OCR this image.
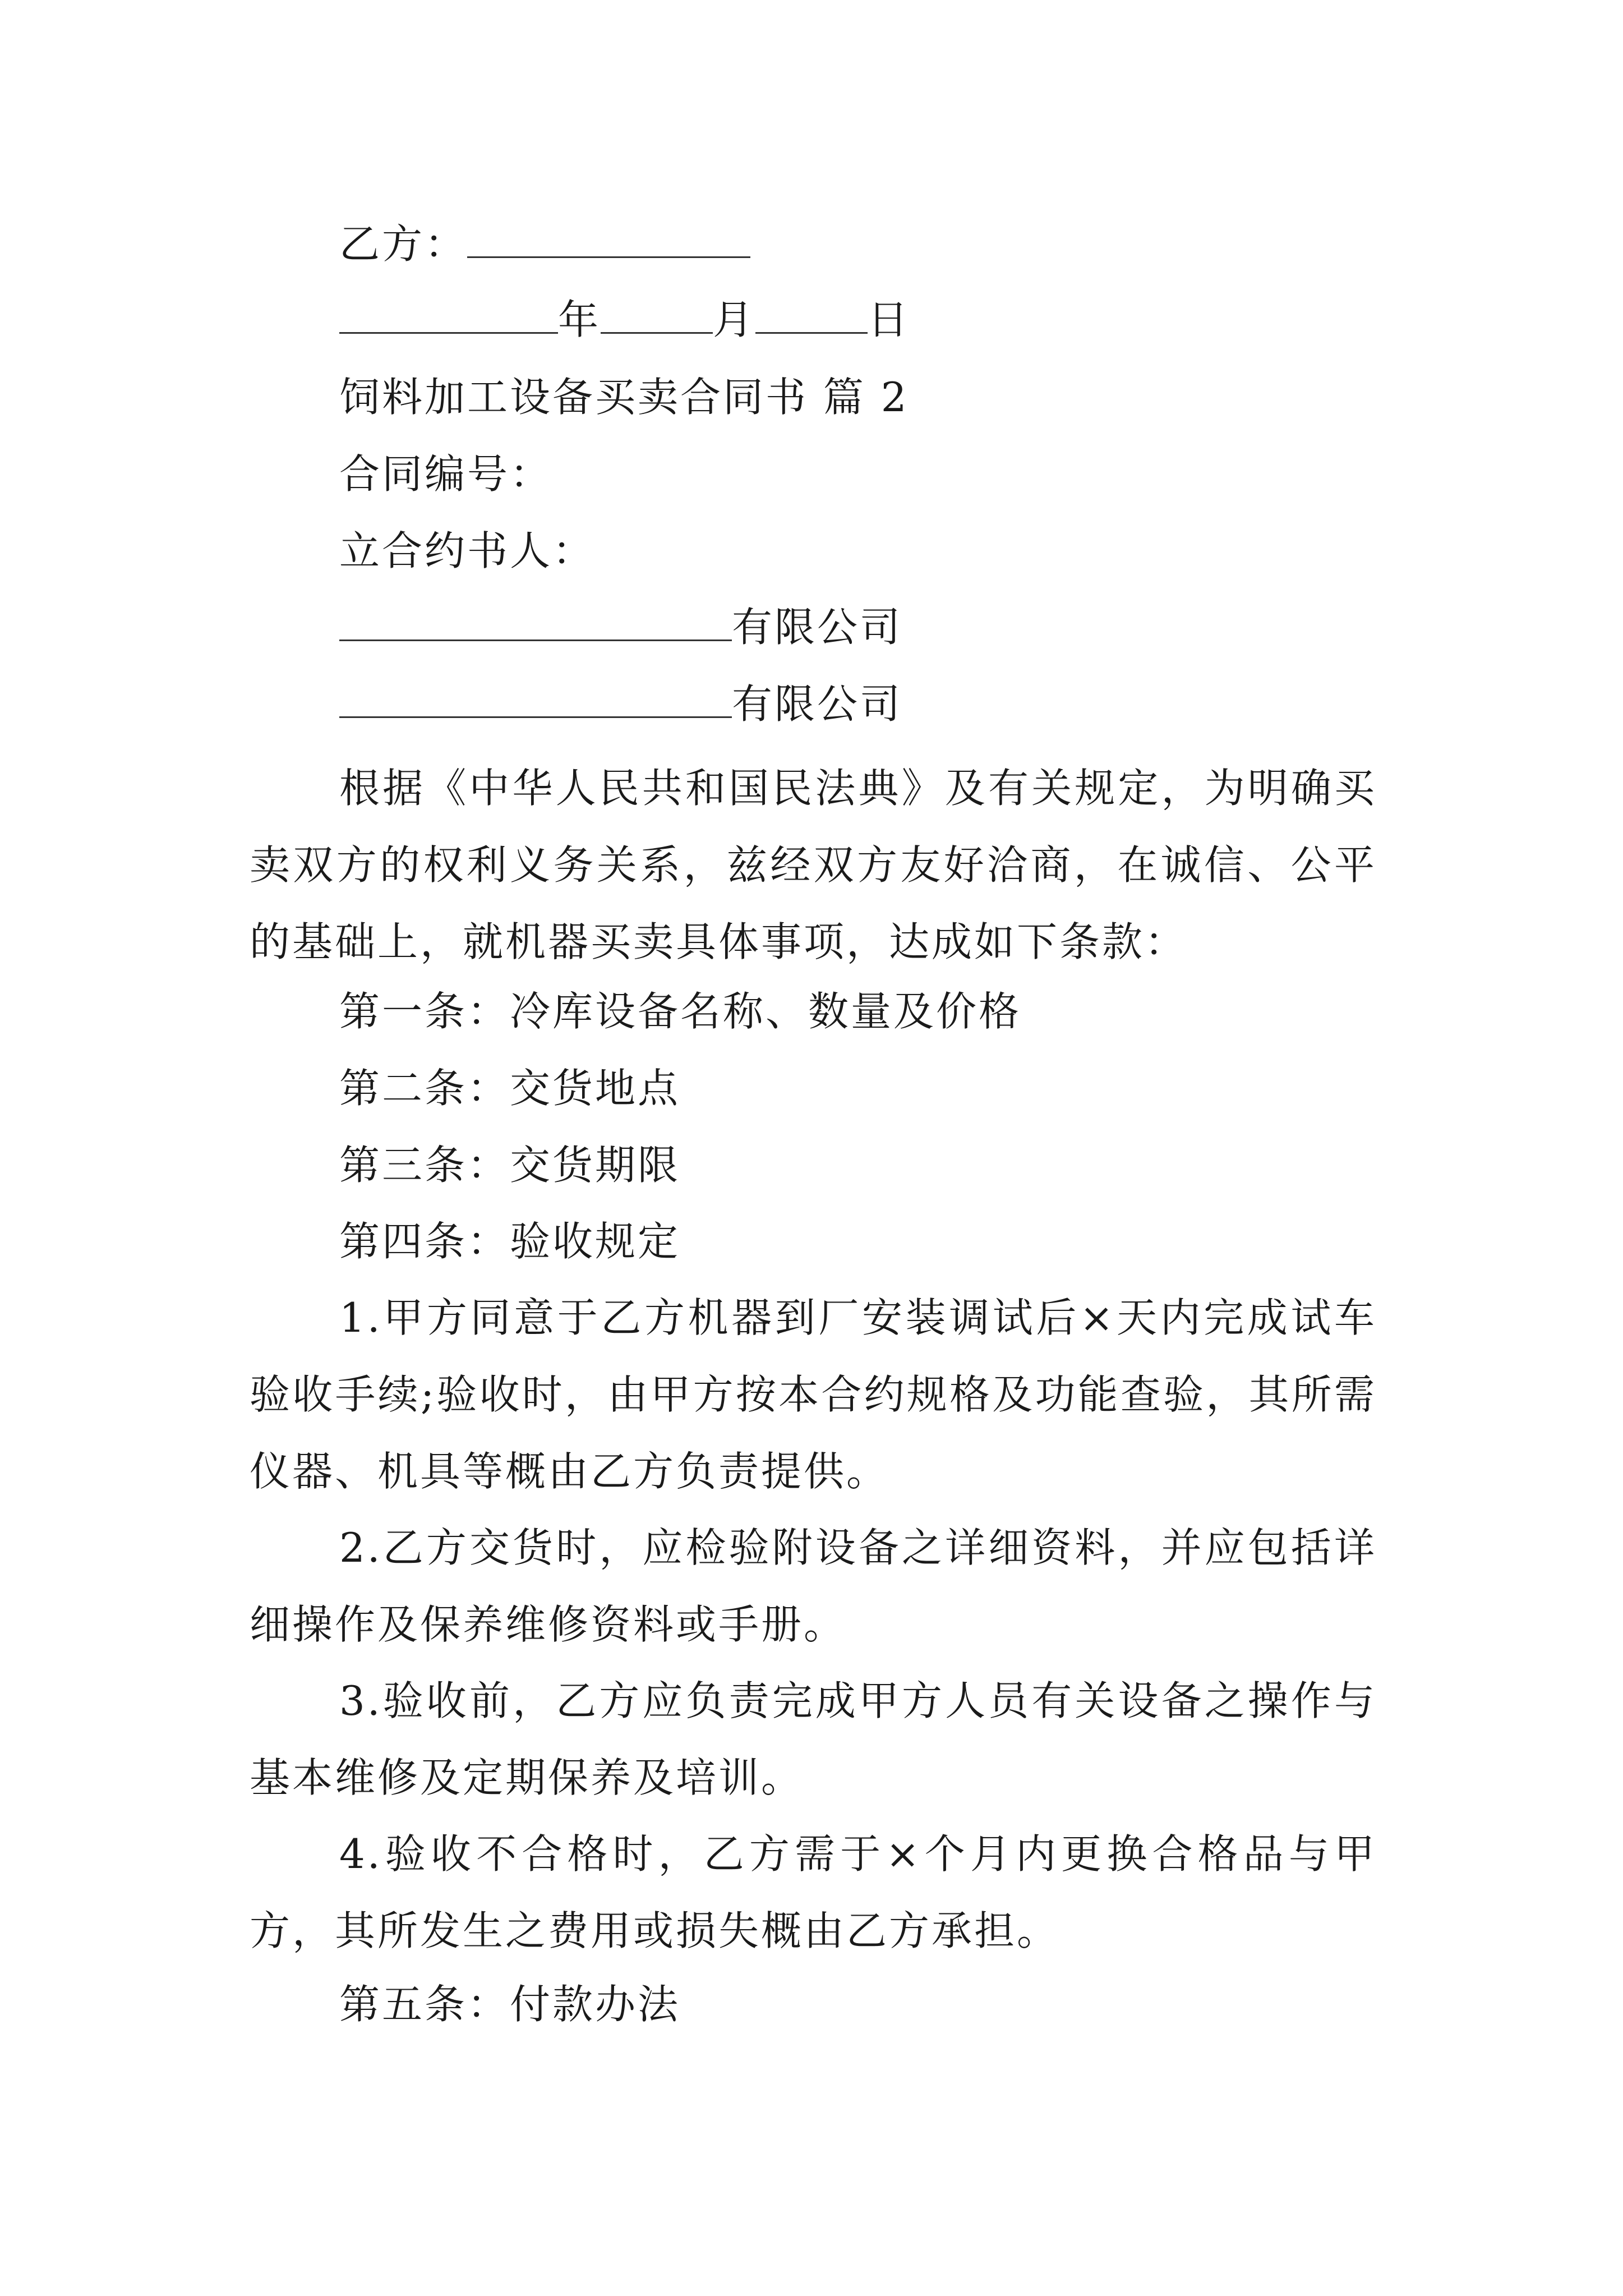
乙方：
年	月	日
饲料加工设备买卖合同书 篇 2
合同编号：
立合约书人：
有限公司
有限公司
根据《中华人民共和国民法典》及有关规定，为明确买卖双方的权利义务关系，兹经双方友好洽商，在诚信、公平的基础上，就机器买卖具体事项，达成如下条款：
第一条：冷库设备名称、数量及价格
第二条：交货地点
第三条：交货期限
第四条：验收规定
1.甲方同意于乙方机器到厂安装调试后×天内完成试车验收手续;验收时，由甲方按本合约规格及功能查验，其所需仪器、机具等概由乙方负责提供。
2.乙方交货时，应检验附设备之详细资料，并应包括详细操作及保养维修资料或手册。
3.验收前，乙方应负责完成甲方人员有关设备之操作与基本维修及定期保养及培训。
4.验收不合格时，乙方需于×个月内更换合格品与甲方，其所发生之费用或损失概由乙方承担。
第五条：付款办法
